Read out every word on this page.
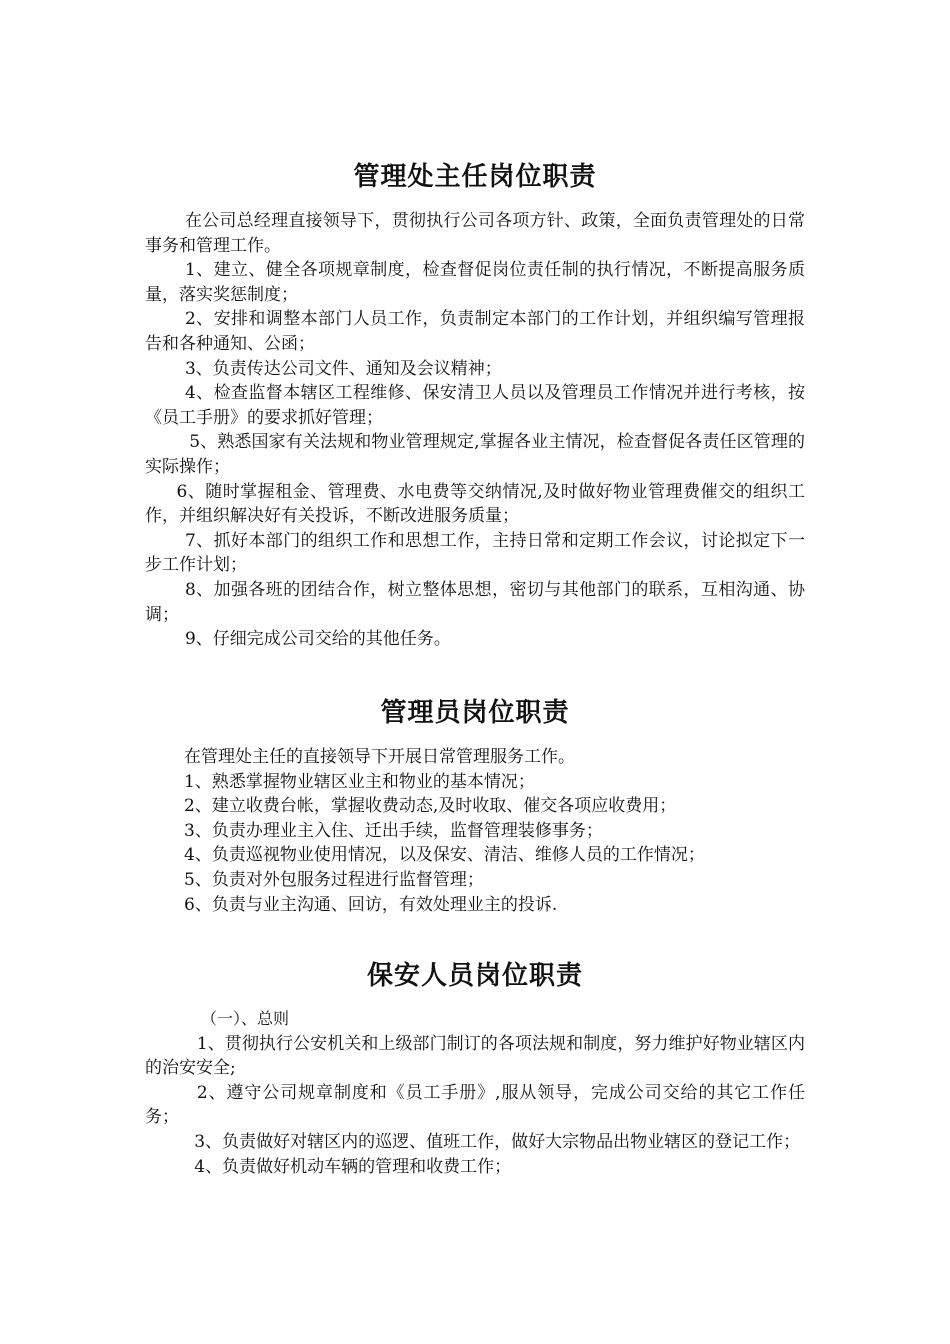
管理处主任岗位职责

在公司总经理直接领导下，贯彻执行公司各项方针、政策，全面负责管理处的日常事务和管理工作。

1、建立、健全各项规章制度，检查督促岗位责任制的执行情况，不断提高服务质量，落实奖惩制度；

2、安排和调整本部门人员工作，负责制定本部门的工作计划，并组织编写管理报告和各种通知、公函；

3、负责传达公司文件、通知及会议精神；

4、检查监督本辖区工程维修、保安清卫人员以及管理员工作情况并进行考核，按《员工手册》的要求抓好管理；

5、熟悉国家有关法规和物业管理规定,掌握各业主情况，检查督促各责任区管理的实际操作；

6、随时掌握租金、管理费、水电费等交纳情况,及时做好物业管理费催交的组织工作，并组织解决好有关投诉，不断改进服务质量；

7、抓好本部门的组织工作和思想工作，主持日常和定期工作会议，讨论拟定下一步工作计划；

8、加强各班的团结合作，树立整体思想，密切与其他部门的联系，互相沟通、协调；

9、仔细完成公司交给的其他任务。

管理员岗位职责

在管理处主任的直接领导下开展日常管理服务工作。

1、熟悉掌握物业辖区业主和物业的基本情况；

2、建立收费台帐，掌握收费动态,及时收取、催交各项应收费用；

3、负责办理业主入住、迁出手续，监督管理装修事务；

4、负责巡视物业使用情况，以及保安、清洁、维修人员的工作情况；

5、负责对外包服务过程进行监督管理；

6、负责与业主沟通、回访，有效处理业主的投诉.

保安人员岗位职责

（一）、总则

1、贯彻执行公安机关和上级部门制订的各项法规和制度，努力维护好物业辖区内的治安安全;

2、遵守公司规章制度和《员工手册》,服从领导，完成公司交给的其它工作任务；

3、负责做好对辖区内的巡逻、值班工作，做好大宗物品出物业辖区的登记工作；

4、负责做好机动车辆的管理和收费工作；
